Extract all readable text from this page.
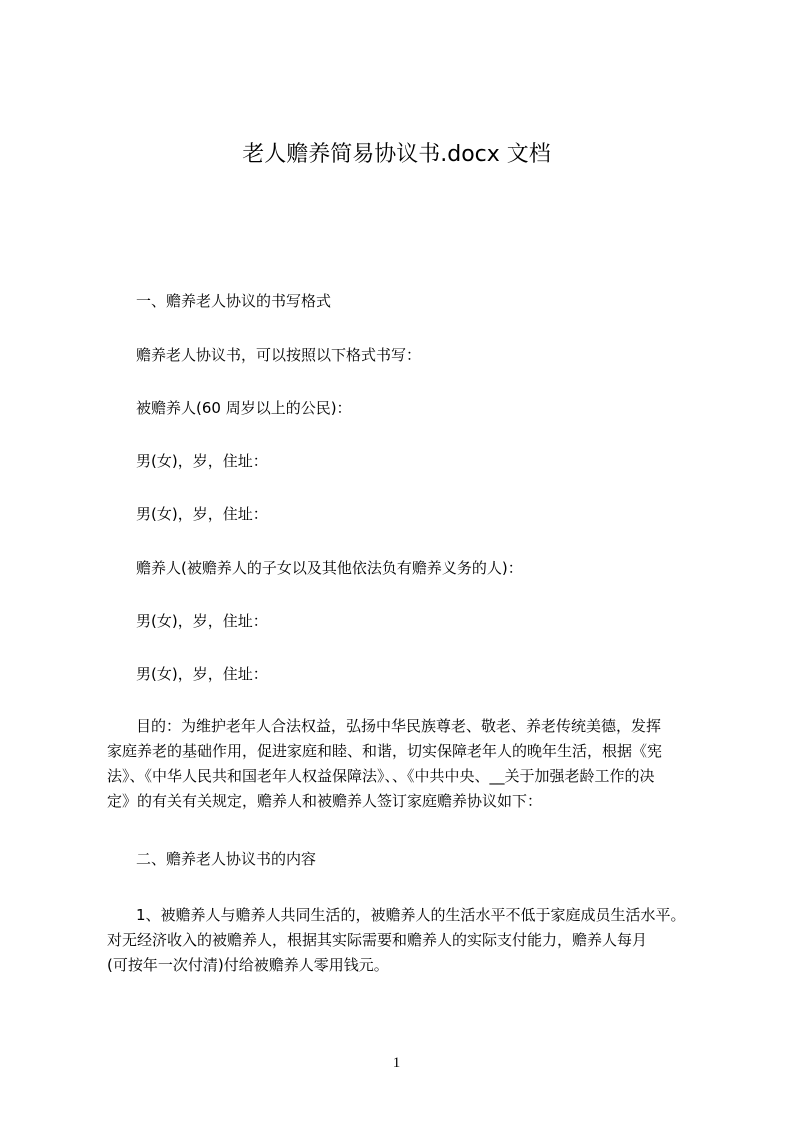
老人赡养简易协议书.docx 文档
一、赡养老人协议的书写格式
赡养老人协议书，可以按照以下格式书写：
被赡养人(60 周岁以上的公民)：
男(女)，岁，住址：
男(女)，岁，住址：
赡养人(被赡养人的子女以及其他依法负有赡养义务的人)：
男(女)，岁，住址：
男(女)，岁，住址：
目的：为维护老年人合法权益，弘扬中华民族尊老、敬老、养老传统美德，发挥
家庭养老的基础作用，促进家庭和睦、和谐，切实保障老年人的晚年生活，根据《宪
法》、《中华人民共和国老年人权益保障法》、、《中共中央、__关于加强老龄工作的决
定》的有关有关规定，赡养人和被赡养人签订家庭赡养协议如下：
二、赡养老人协议书的内容
1、被赡养人与赡养人共同生活的，被赡养人的生活水平不低于家庭成员生活水平。
对无经济收入的被赡养人，根据其实际需要和赡养人的实际支付能力，赡养人每月
(可按年一次付清)付给被赡养人零用钱元。
1
